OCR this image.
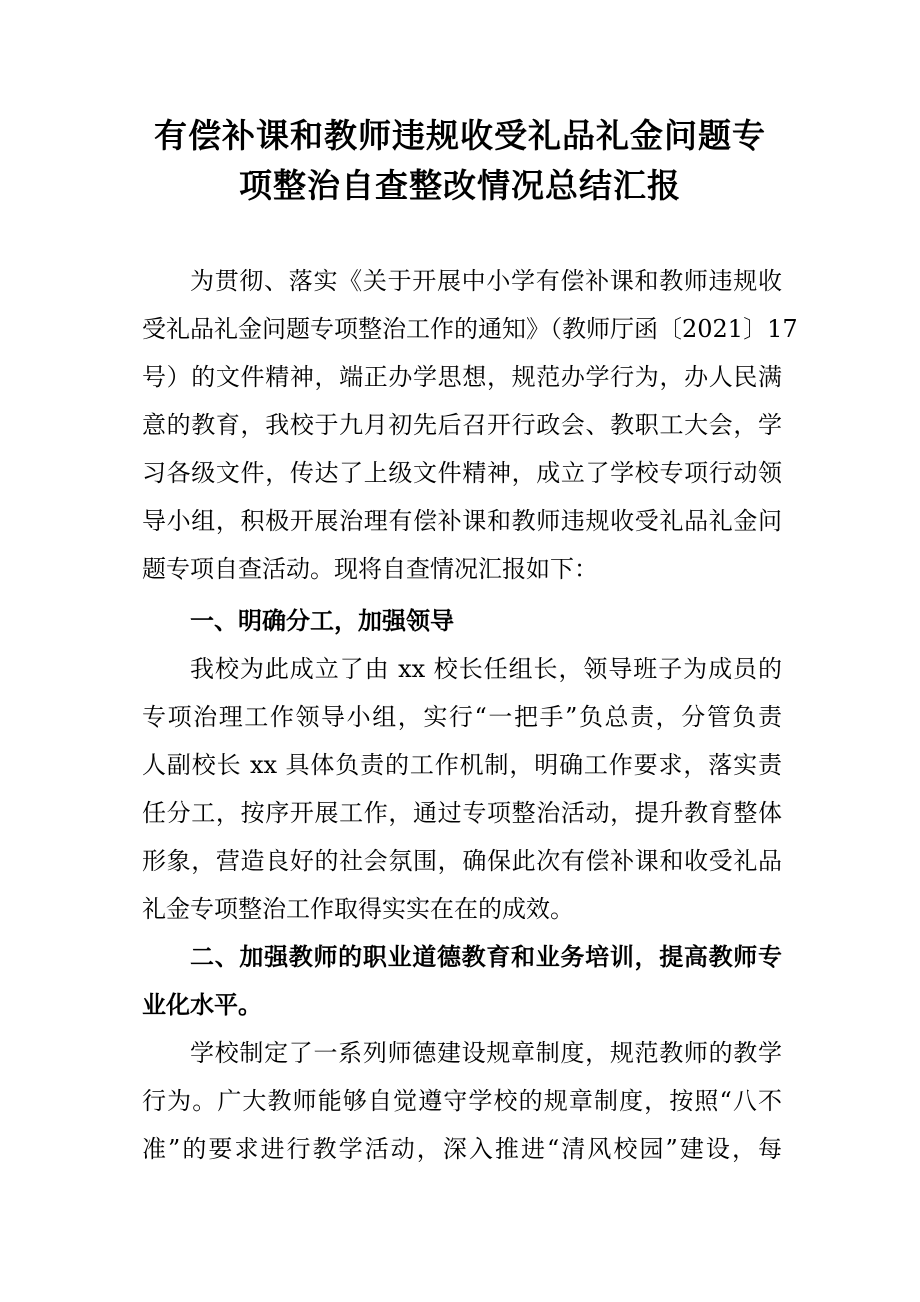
有偿补课和教师违规收受礼品礼金问题专
项整治自查整改情况总结汇报
为贯彻、落实《关于开展中小学有偿补课和教师违规收
受礼品礼金问题专项整治工作的通知》（教师厅函〔2021〕17
号）的文件精神，端正办学思想，规范办学行为，办人民满
意的教育，我校于九月初先后召开行政会、教职工大会，学
习各级文件，传达了上级文件精神，成立了学校专项行动领
导小组，积极开展治理有偿补课和教师违规收受礼品礼金问
题专项自查活动。现将自查情况汇报如下：
一、明确分工，加强领导
我校为此成立了由 xx 校长任组长，领导班子为成员的
专项治理工作领导小组，实行“一把手”负总责，分管负责
人副校长 xx 具体负责的工作机制，明确工作要求，落实责
任分工，按序开展工作，通过专项整治活动，提升教育整体
形象，营造良好的社会氛围，确保此次有偿补课和收受礼品
礼金专项整治工作取得实实在在的成效。
二、加强教师的职业道德教育和业务培训，提高教师专
业化水平。
学校制定了一系列师德建设规章制度，规范教师的教学
行为。广大教师能够自觉遵守学校的规章制度，按照“八不
准”的要求进行教学活动，深入推进“清风校园”建设，每
